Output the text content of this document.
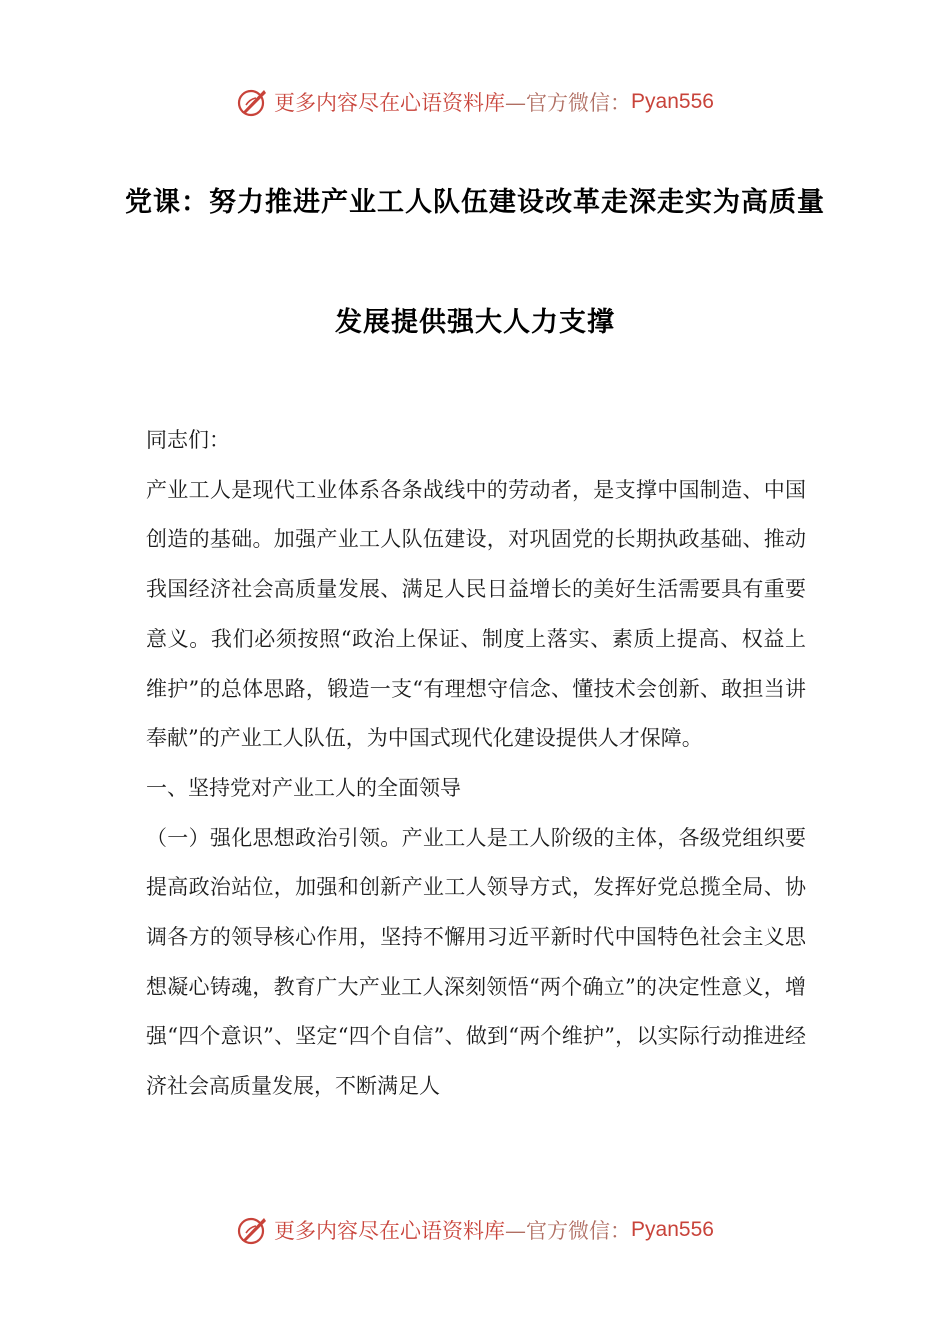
更多内容尽在心语资料库 —官方微信： Pyan556
党课：努力推进产业工人队伍建设改革走深走实为高质量
发展提供强大人力支撑

同志们：

产业工人是现代工业体系各条战线中的劳动者，是支撑中国制造、中国创造的基础。加强产业工人队伍建设，对巩固党的长期执政基础、推动我国经济社会高质量发展、满足人民日益增长的美好生活需要具有重要意义。我们必须按照“政治上保证、制度上落实、素质上提高、权益上维护”的总体思路，锻造一支“有理想守信念、懂技术会创新、敢担当讲奉献”的产业工人队伍，为中国式现代化建设提供人才保障。

一、坚持党对产业工人的全面领导

（一）强化思想政治引领。产业工人是工人阶级的主体，各级党组织要提高政治站位，加强和创新产业工人领导方式，发挥好党总揽全局、协调各方的领导核心作用，坚持不懈用习近平新时代中国特色社会主义思想凝心铸魂，教育广大产业工人深刻领悟“两个确立”的决定性意义，增强“四个意识”、坚定“四个自信”、做到“两个维护”，以实际行动推进经济社会高质量发展，不断满足人

更多内容尽在心语资料库 —官方微信： Pyan556
